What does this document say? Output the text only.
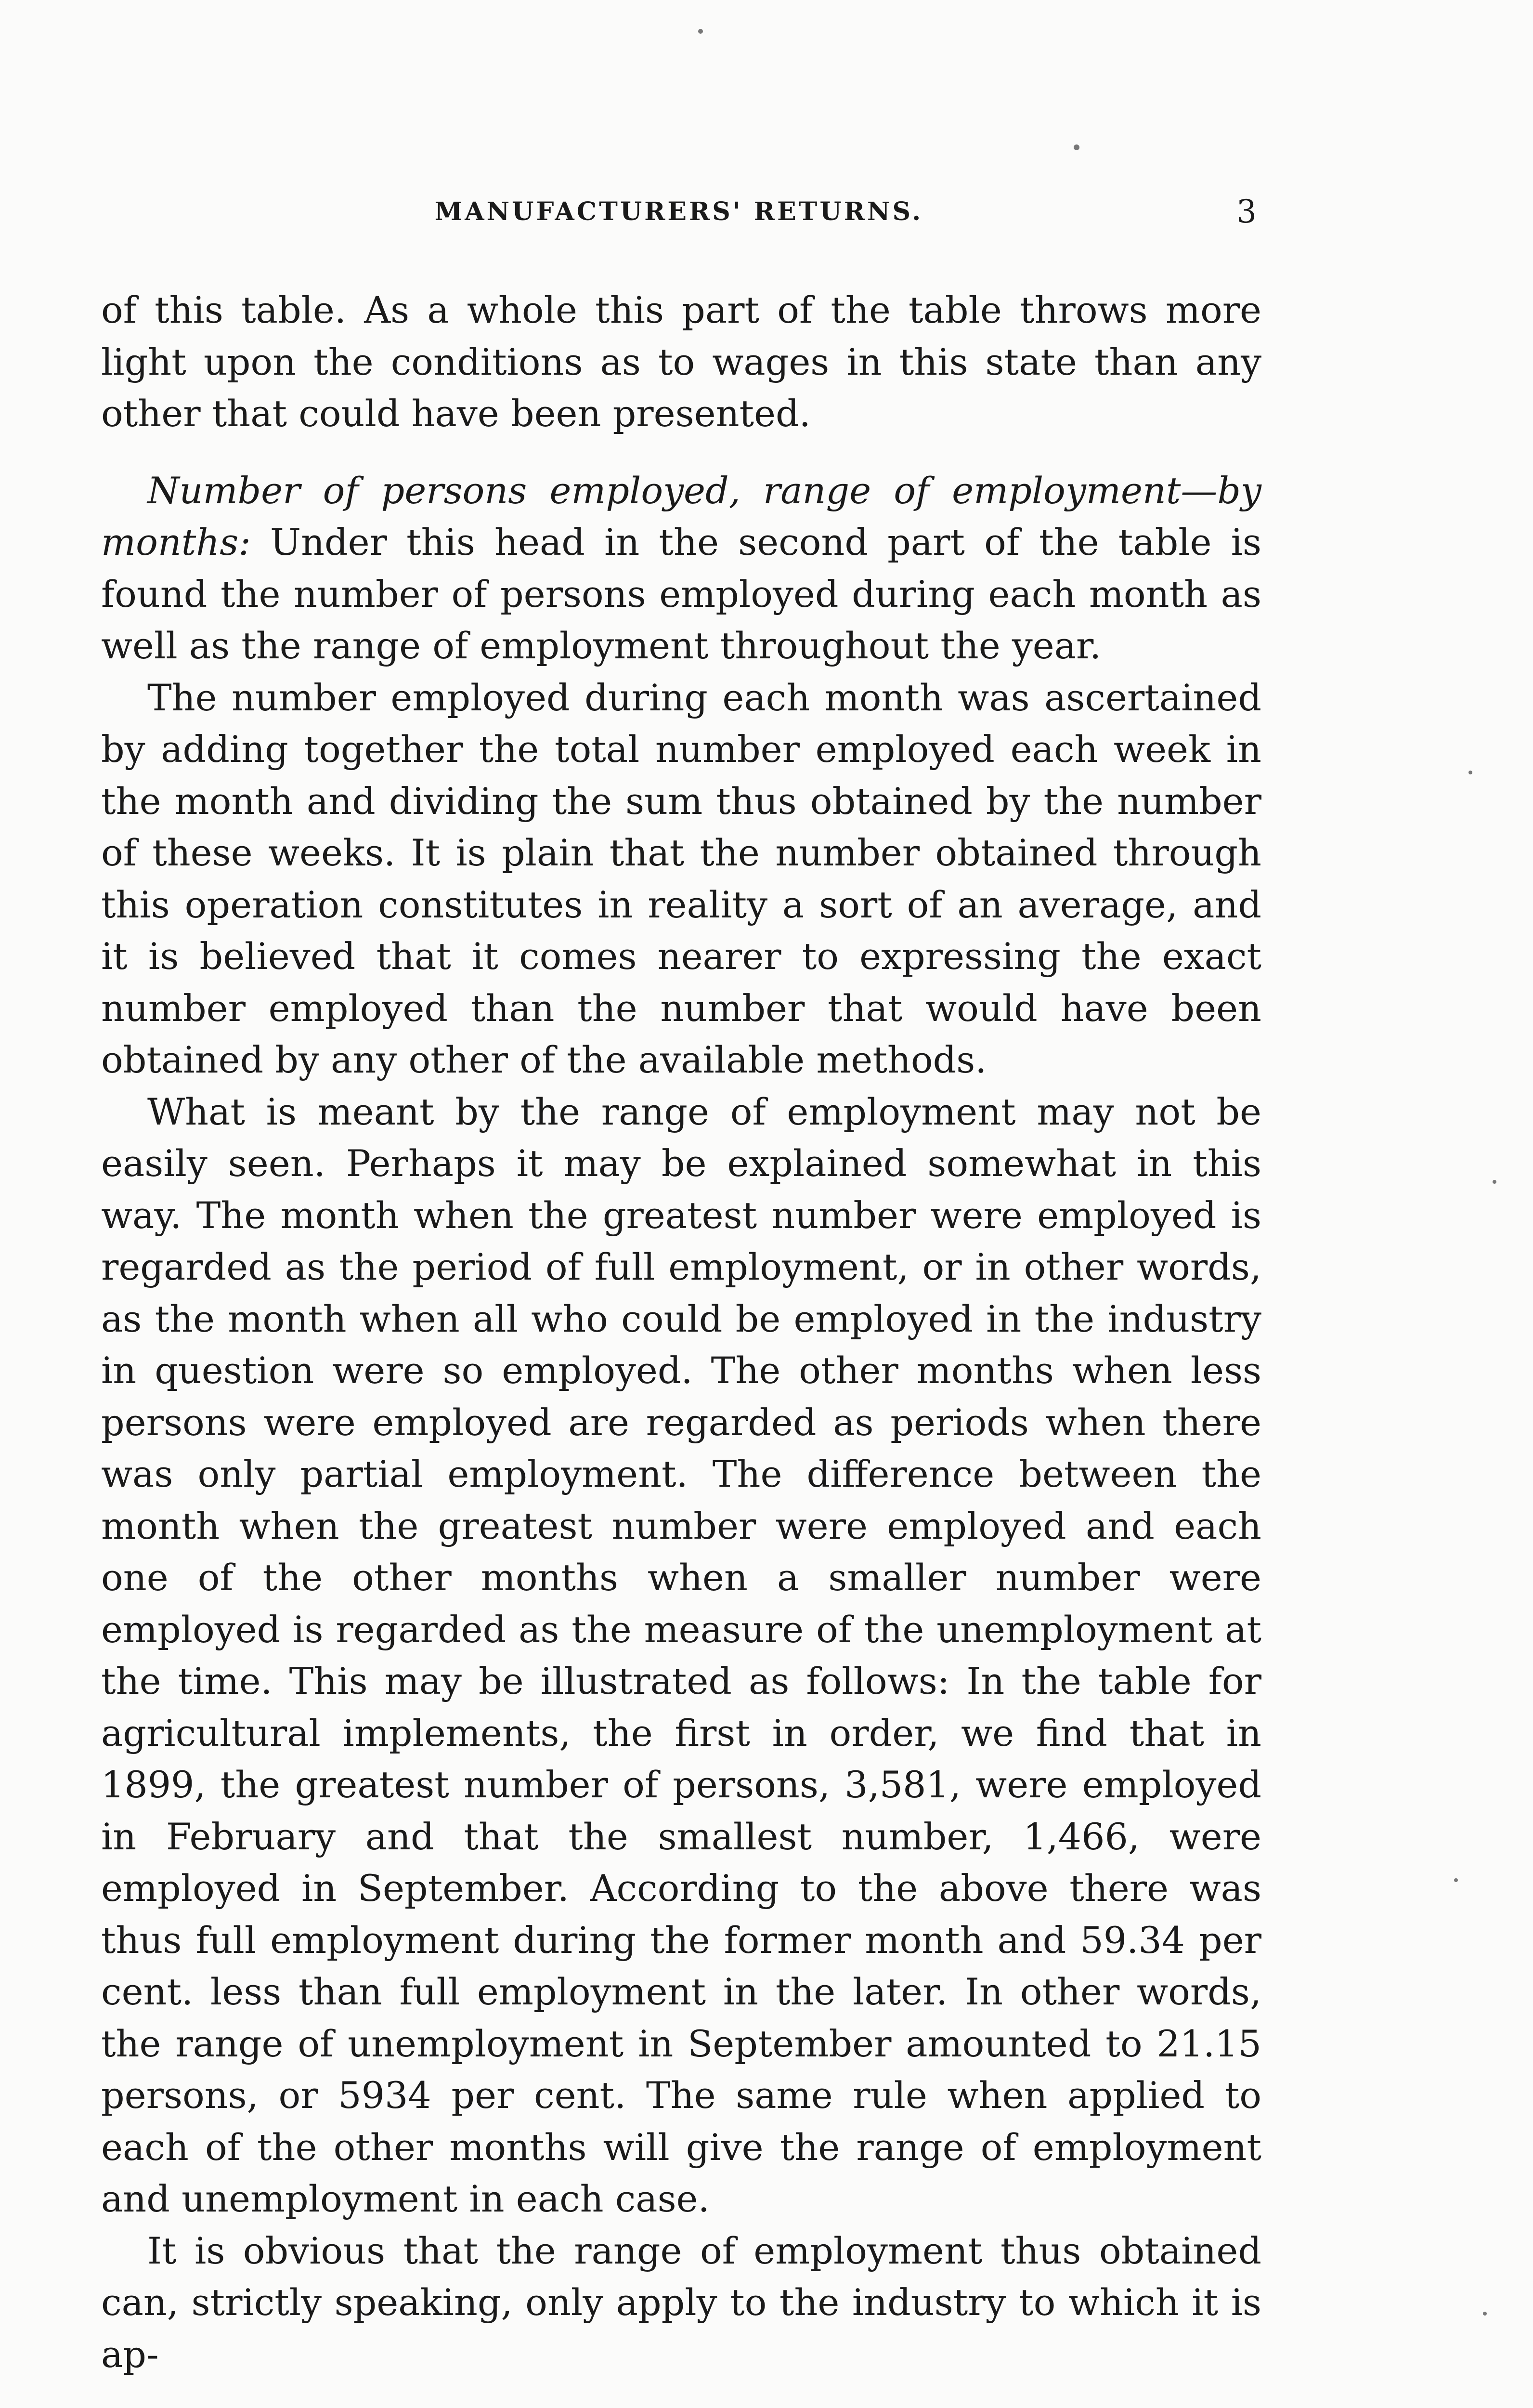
MANUFACTURERS' RETURNS.	3

of this table. As a whole this part of the table throws more light upon the conditions as to wages in this state than any other that could have been presented.

Number of persons employed, range of employment—by months: Under this head in the second part of the table is found the number of persons employed during each month as well as the range of employment throughout the year.

The number employed during each month was ascertained by adding together the total number employed each week in the month and dividing the sum thus obtained by the number of these weeks. It is plain that the number obtained through this operation constitutes in reality a sort of an average, and it is believed that it comes nearer to expressing the exact number employed than the number that would have been obtained by any other of the available methods.

What is meant by the range of employment may not be easily seen. Perhaps it may be explained somewhat in this way. The month when the greatest number were employed is regarded as the period of full employment, or in other words, as the month when all who could be employed in the industry in question were so employed. The other months when less persons were employed are regarded as periods when there was only partial employment. The difference between the month when the greatest number were employed and each one of the other months when a smaller number were employed is regarded as the measure of the unemployment at the time. This may be illustrated as follows: In the table for agricultural implements, the first in order, we find that in 1899, the greatest number of persons, 3,581, were employed in February and that the smallest number, 1,466, were employed in September. According to the above there was thus full employment during the former month and 59.34 per cent. less than full employment in the later. In other words, the range of unemployment in September amounted to 21.15 persons, or 5934 per cent. The same rule when applied to each of the other months will give the range of employment and unemployment in each case.

It is obvious that the range of employment thus obtained can, strictly speaking, only apply to the industry to which it is ap-
